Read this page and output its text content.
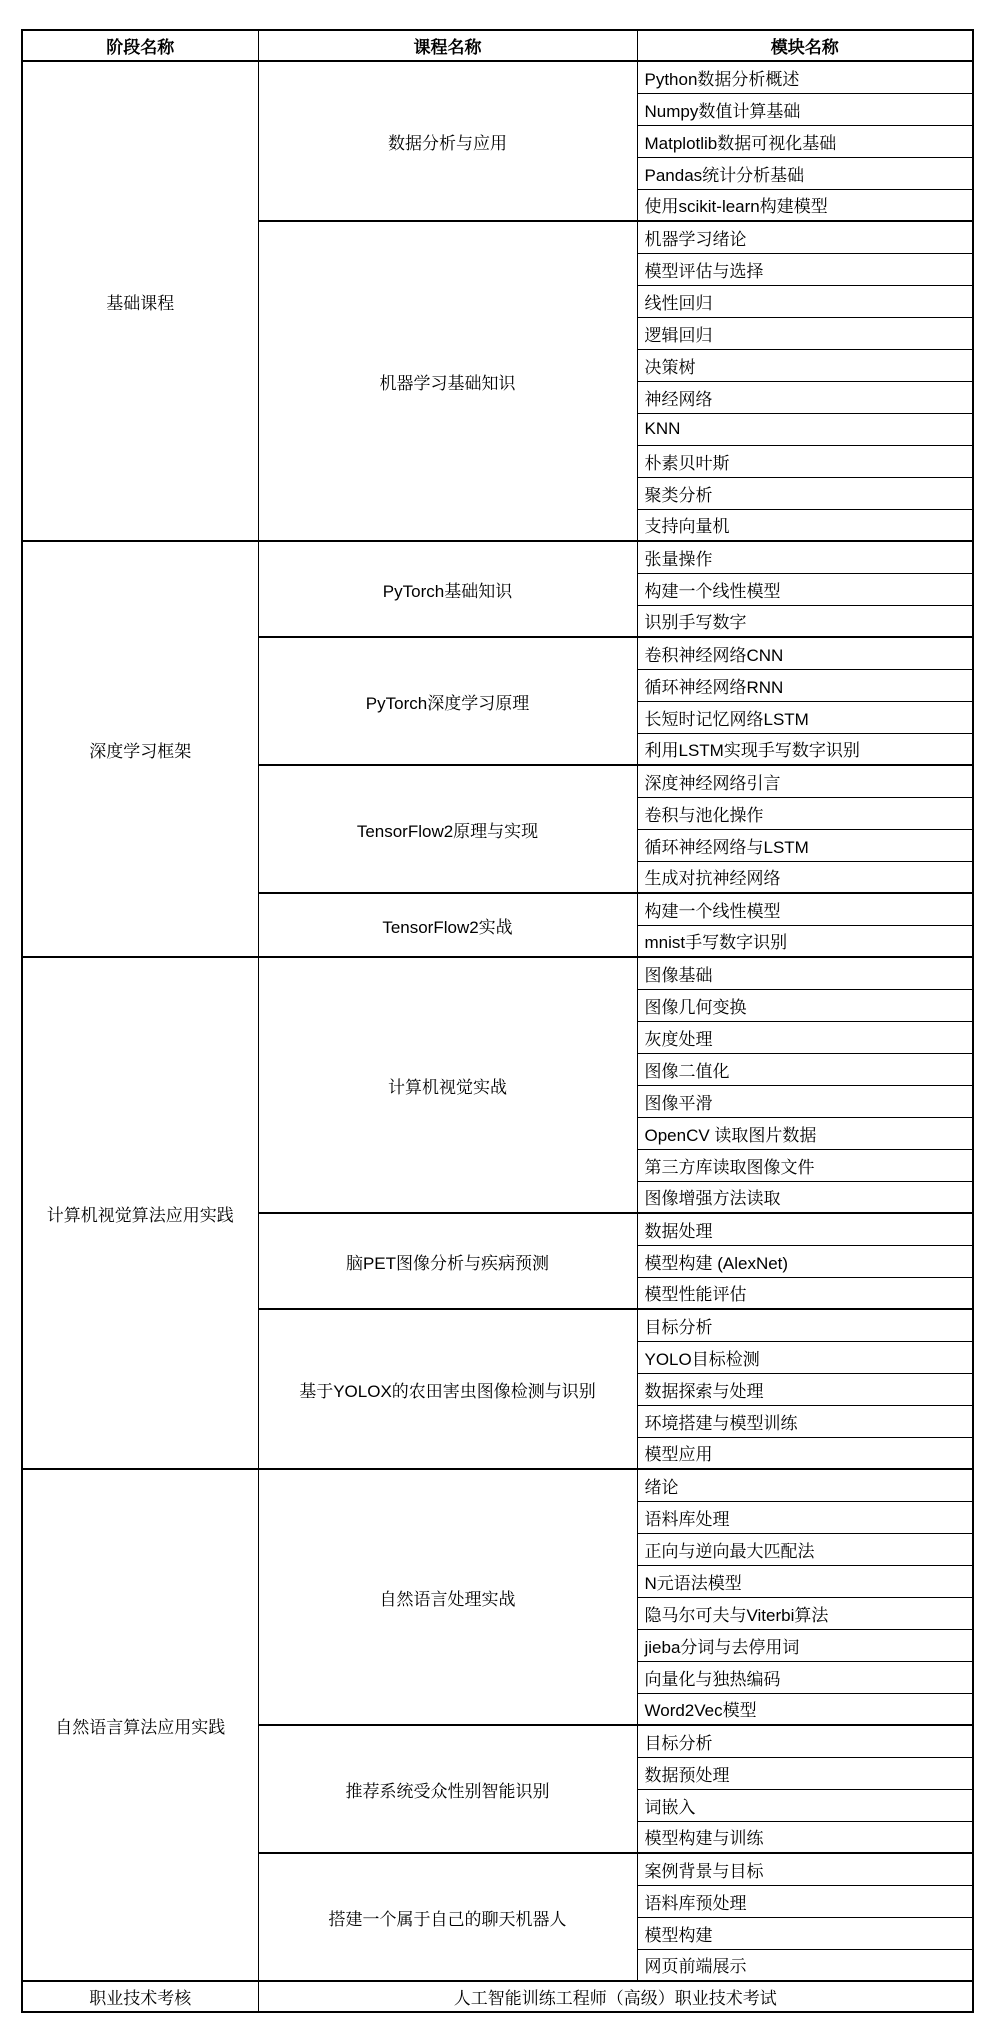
阶段名称	课程名称	模块名称
基础课程	数据分析与应用	Python数据分析概述
		Numpy数值计算基础
		Matplotlib数据可视化基础
		Pandas统计分析基础
		使用scikit-learn构建模型
	机器学习基础知识	机器学习绪论
		模型评估与选择
		线性回归
		逻辑回归
		决策树
		神经网络
		KNN
		朴素贝叶斯
		聚类分析
		支持向量机
深度学习框架	PyTorch基础知识	张量操作
		构建一个线性模型
		识别手写数字
	PyTorch深度学习原理	卷积神经网络CNN
		循环神经网络RNN
		长短时记忆网络LSTM
		利用LSTM实现手写数字识别
	TensorFlow2原理与实现	深度神经网络引言
		卷积与池化操作
		循环神经网络与LSTM
		生成对抗神经网络
	TensorFlow2实战	构建一个线性模型
		mnist手写数字识别
计算机视觉算法应用实践	计算机视觉实战	图像基础
		图像几何变换
		灰度处理
		图像二值化
		图像平滑
		OpenCV 读取图片数据
		第三方库读取图像文件
		图像增强方法读取
	脑PET图像分析与疾病预测	数据处理
		模型构建 (AlexNet)
		模型性能评估
	基于YOLOX的农田害虫图像检测与识别	目标分析
		YOLO目标检测
		数据探索与处理
		环境搭建与模型训练
		模型应用
自然语言算法应用实践	自然语言处理实战	绪论
		语料库处理
		正向与逆向最大匹配法
		N元语法模型
		隐马尔可夫与Viterbi算法
		jieba分词与去停用词
		向量化与独热编码
		Word2Vec模型
	推荐系统受众性别智能识别	目标分析
		数据预处理
		词嵌入
		模型构建与训练
	搭建一个属于自己的聊天机器人	案例背景与目标
		语料库预处理
		模型构建
		网页前端展示
职业技术考核	人工智能训练工程师（高级）职业技术考试	
